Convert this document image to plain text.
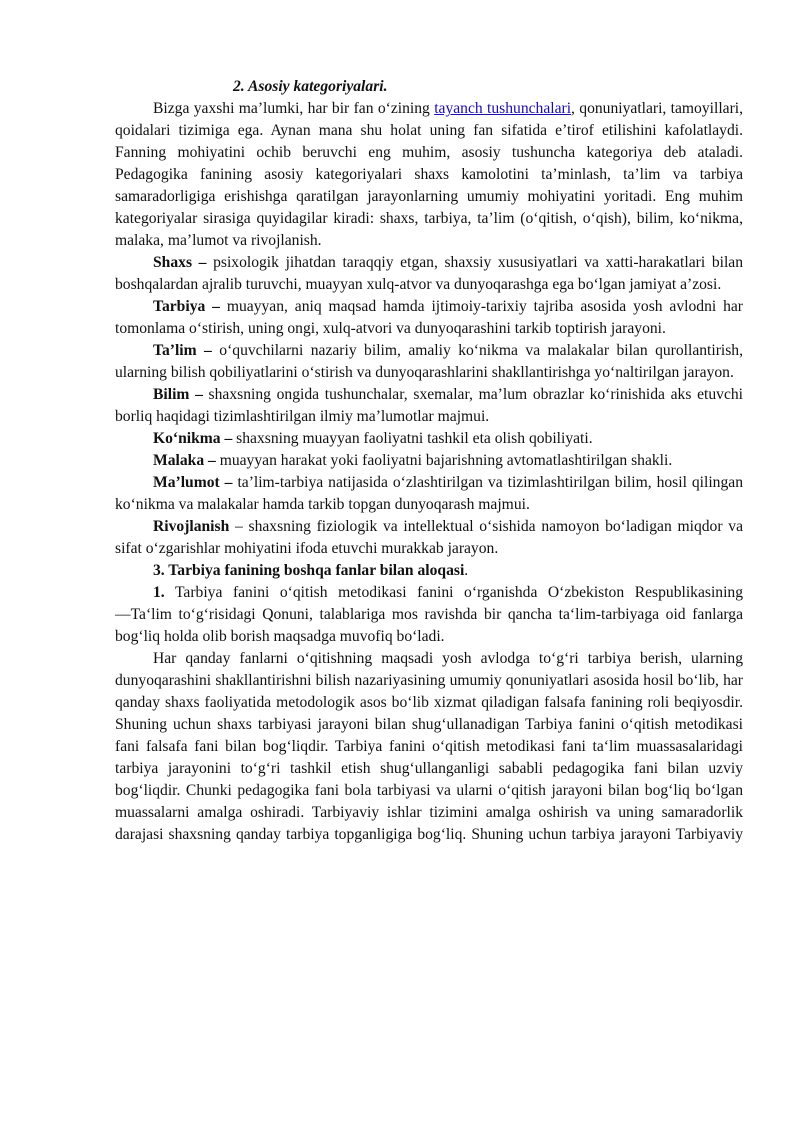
2. Asosiy kategoriyalari.

Bizga yaxshi ma’lumki, har bir fan o‘zining tayanch tushunchalari, qonuniyatlari, tamoyillari, qoidalari tizimiga ega. Aynan mana shu holat uning fan sifatida e’tirof etilishini kafolatlaydi. Fanning mohiyatini ochib beruvchi eng muhim, asosiy tushuncha kategoriya deb ataladi. Pedagogika fanining asosiy kategoriyalari shaxs kamolotini ta’minlash, ta’lim va tarbiya samaradorligiga erishishga qaratilgan jarayonlarning umumiy mohiyatini yoritadi. Eng muhim kategoriyalar sirasiga quyidagilar kiradi: shaxs, tarbiya, ta’lim (o‘qitish, o‘qish), bilim, ko‘nikma, malaka, ma’lumot va rivojlanish.

Shaxs – psixologik jihatdan taraqqiy etgan, shaxsiy xususiyatlari va xatti-harakatlari bilan boshqalardan ajralib turuvchi, muayyan xulq-atvor va dunyoqarashga ega bo‘lgan jamiyat a’zosi.

Tarbiya – muayyan, aniq maqsad hamda ijtimoiy-tarixiy tajriba asosida yosh avlodni har tomonlama o‘stirish, uning ongi, xulq-atvori va dunyoqarashini tarkib toptirish jarayoni.

Ta’lim – o‘quvchilarni nazariy bilim, amaliy ko‘nikma va malakalar bilan qurollantirish, ularning bilish qobiliyatlarini o‘stirish va dunyoqarashlarini shakllantirishga yo‘naltirilgan jarayon.

Bilim – shaxsning ongida tushunchalar, sxemalar, ma’lum obrazlar ko‘rinishida aks etuvchi borliq haqidagi tizimlashtirilgan ilmiy ma’lumotlar majmui.

Ko‘nikma – shaxsning muayyan faoliyatni tashkil eta olish qobiliyati.

Malaka – muayyan harakat yoki faoliyatni bajarishning avtomatlashtirilgan shakli.

Ma’lumot – ta’lim-tarbiya natijasida o‘zlashtirilgan va tizimlashtirilgan bilim, hosil qilingan ko‘nikma va malakalar hamda tarkib topgan dunyoqarash majmui.

Rivojlanish – shaxsning fiziologik va intellektual o‘sishida namoyon bo‘ladigan miqdor va sifat o‘zgarishlar mohiyatini ifoda etuvchi murakkab jarayon.

3. Tarbiya fanining boshqa fanlar bilan aloqasi.

1. Tarbiya fanini o‘qitish metodikasi fanini o‘rganishda O‘zbekiston Respublikasining ―Ta‘lim to‘g‘risidagi Qonuni, talablariga mos ravishda bir qancha ta‘lim-tarbiyaga oid fanlarga bog‘liq holda olib borish maqsadga muvofiq bo‘ladi.

Har qanday fanlarni o‘qitishning maqsadi yosh avlodga to‘g‘ri tarbiya berish, ularning dunyoqarashini shakllantirishni bilish nazariyasining umumiy qonuniyatlari asosida hosil bo‘lib, har qanday shaxs faoliyatida metodologik asos bo‘lib xizmat qiladigan falsafa fanining roli beqiyosdir. Shuning uchun shaxs tarbiyasi jarayoni bilan shug‘ullanadigan Tarbiya fanini o‘qitish metodikasi fani falsafa fani bilan bog‘liqdir. Tarbiya fanini o‘qitish metodikasi fani ta‘lim muassasalaridagi tarbiya jarayonini to‘g‘ri tashkil etish shug‘ullanganligi sababli pedagogika fani bilan uzviy bog‘liqdir. Chunki pedagogika fani bola tarbiyasi va ularni o‘qitish jarayoni bilan bog‘liq bo‘lgan muassalarni amalga oshiradi. Tarbiyaviy ishlar tizimini amalga oshirish va uning samaradorlik darajasi shaxsning qanday tarbiya topganligiga bog‘liq. Shuning uchun tarbiya jarayoni Tarbiyaviy
